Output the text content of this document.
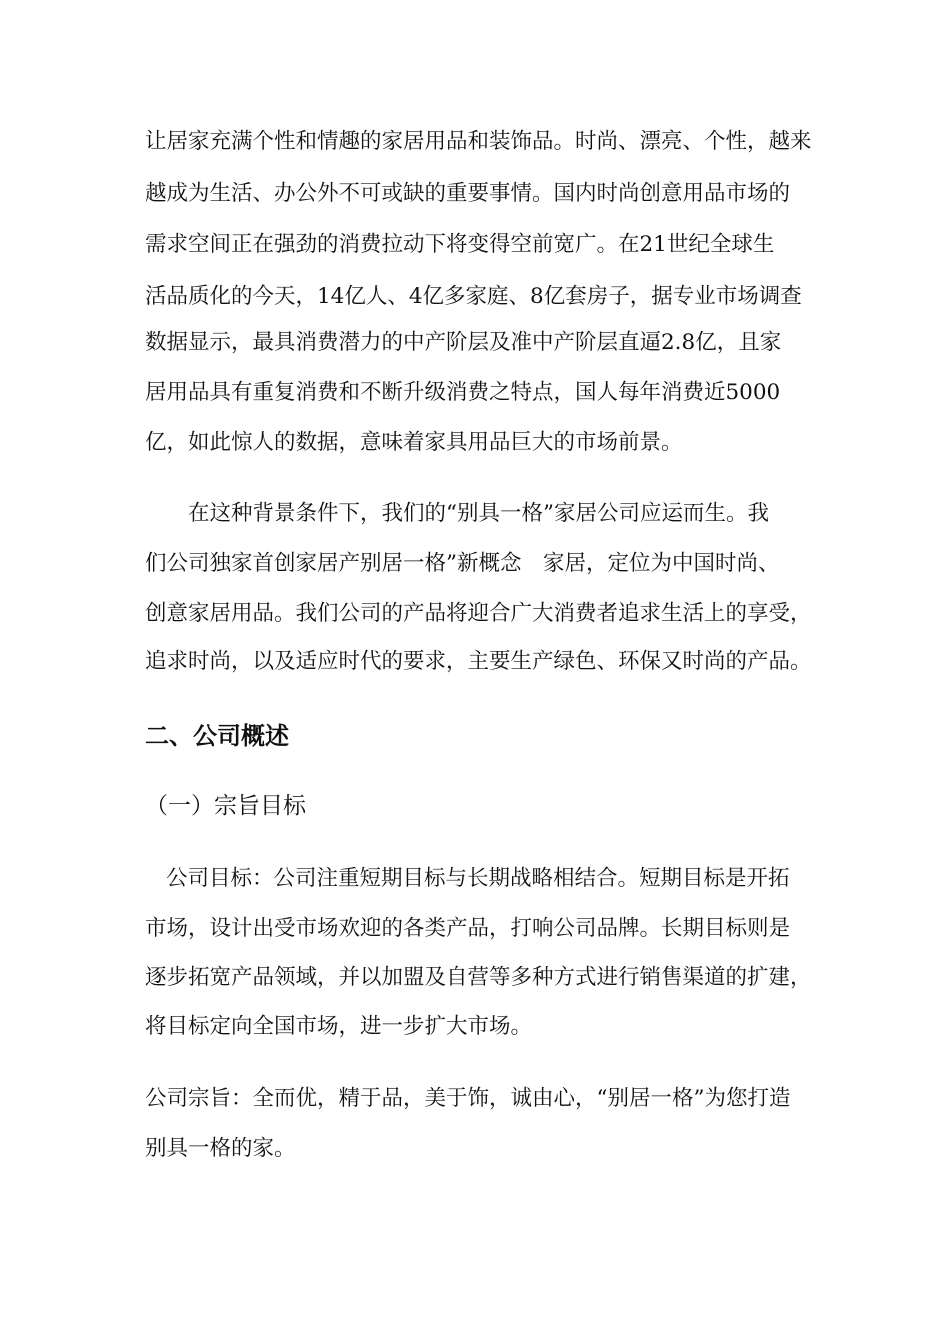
让居家充满个性和情趣的家居用品和装饰品。时尚、漂亮、个性，越来
越成为生活、办公外不可或缺的重要事情。国内时尚创意用品市场的
需求空间正在强劲的消费拉动下将变得空前宽广。在21世纪全球生
活品质化的今天，14亿人、4亿多家庭、8亿套房子，据专业市场调查
数据显示，最具消费潜力的中产阶层及准中产阶层直逼2.8亿，且家
居用品具有重复消费和不断升级消费之特点，国人每年消费近5000
亿，如此惊人的数据，意味着家具用品巨大的市场前景。
在这种背景条件下，我们的“别具一格”家居公司应运而生。我
们公司独家首创家居产别居一格”新概念　家居，定位为中国时尚、
创意家居用品。我们公司的产品将迎合广大消费者追求生活上的享受，
追求时尚，以及适应时代的要求，主要生产绿色、环保又时尚的产品。
二、公司概述
（一）宗旨目标
公司目标：公司注重短期目标与长期战略相结合。短期目标是开拓
市场，设计出受市场欢迎的各类产品，打响公司品牌。长期目标则是
逐步拓宽产品领域，并以加盟及自营等多种方式进行销售渠道的扩建，
将目标定向全国市场，进一步扩大市场。
公司宗旨：全而优，精于品，美于饰，诚由心，“别居一格”为您打造
别具一格的家。
